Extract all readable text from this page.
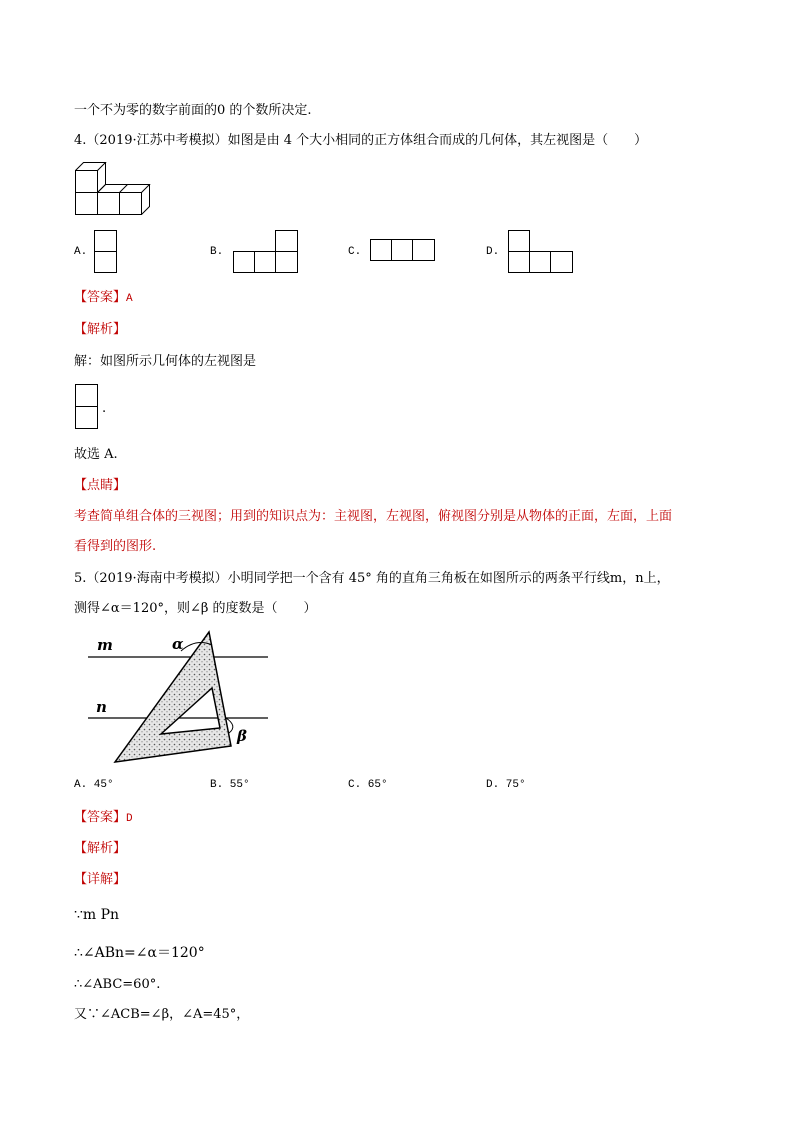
一个不为零的数字前面的0 的个数所决定.
4.（2019·江苏中考模拟）如图是由 4 个大小相同的正方体组合而成的几何体，其左视图是（　　）
A.	B.	C.	D.
【答案】A
【解析】
解：如图所示几何体的左视图是
.
故选 A.
【点睛】
考查简单组合体的三视图；用到的知识点为：主视图，左视图，俯视图分别是从物体的正面，左面，上面
看得到的图形.
5.（2019·海南中考模拟）小明同学把一个含有 45° 角的直角三角板在如图所示的两条平行线m，n上，
测得∠α＝120°，则∠β 的度数是（　　）
m
n
α
β
A. 45°	B. 55°	C. 65°	D. 75°
【答案】D
【解析】
【详解】
∵m Pn
∴∠ABn=∠α＝120°
∴∠ABC=60°.
又∵∠ACB=∠β，∠A=45°，
